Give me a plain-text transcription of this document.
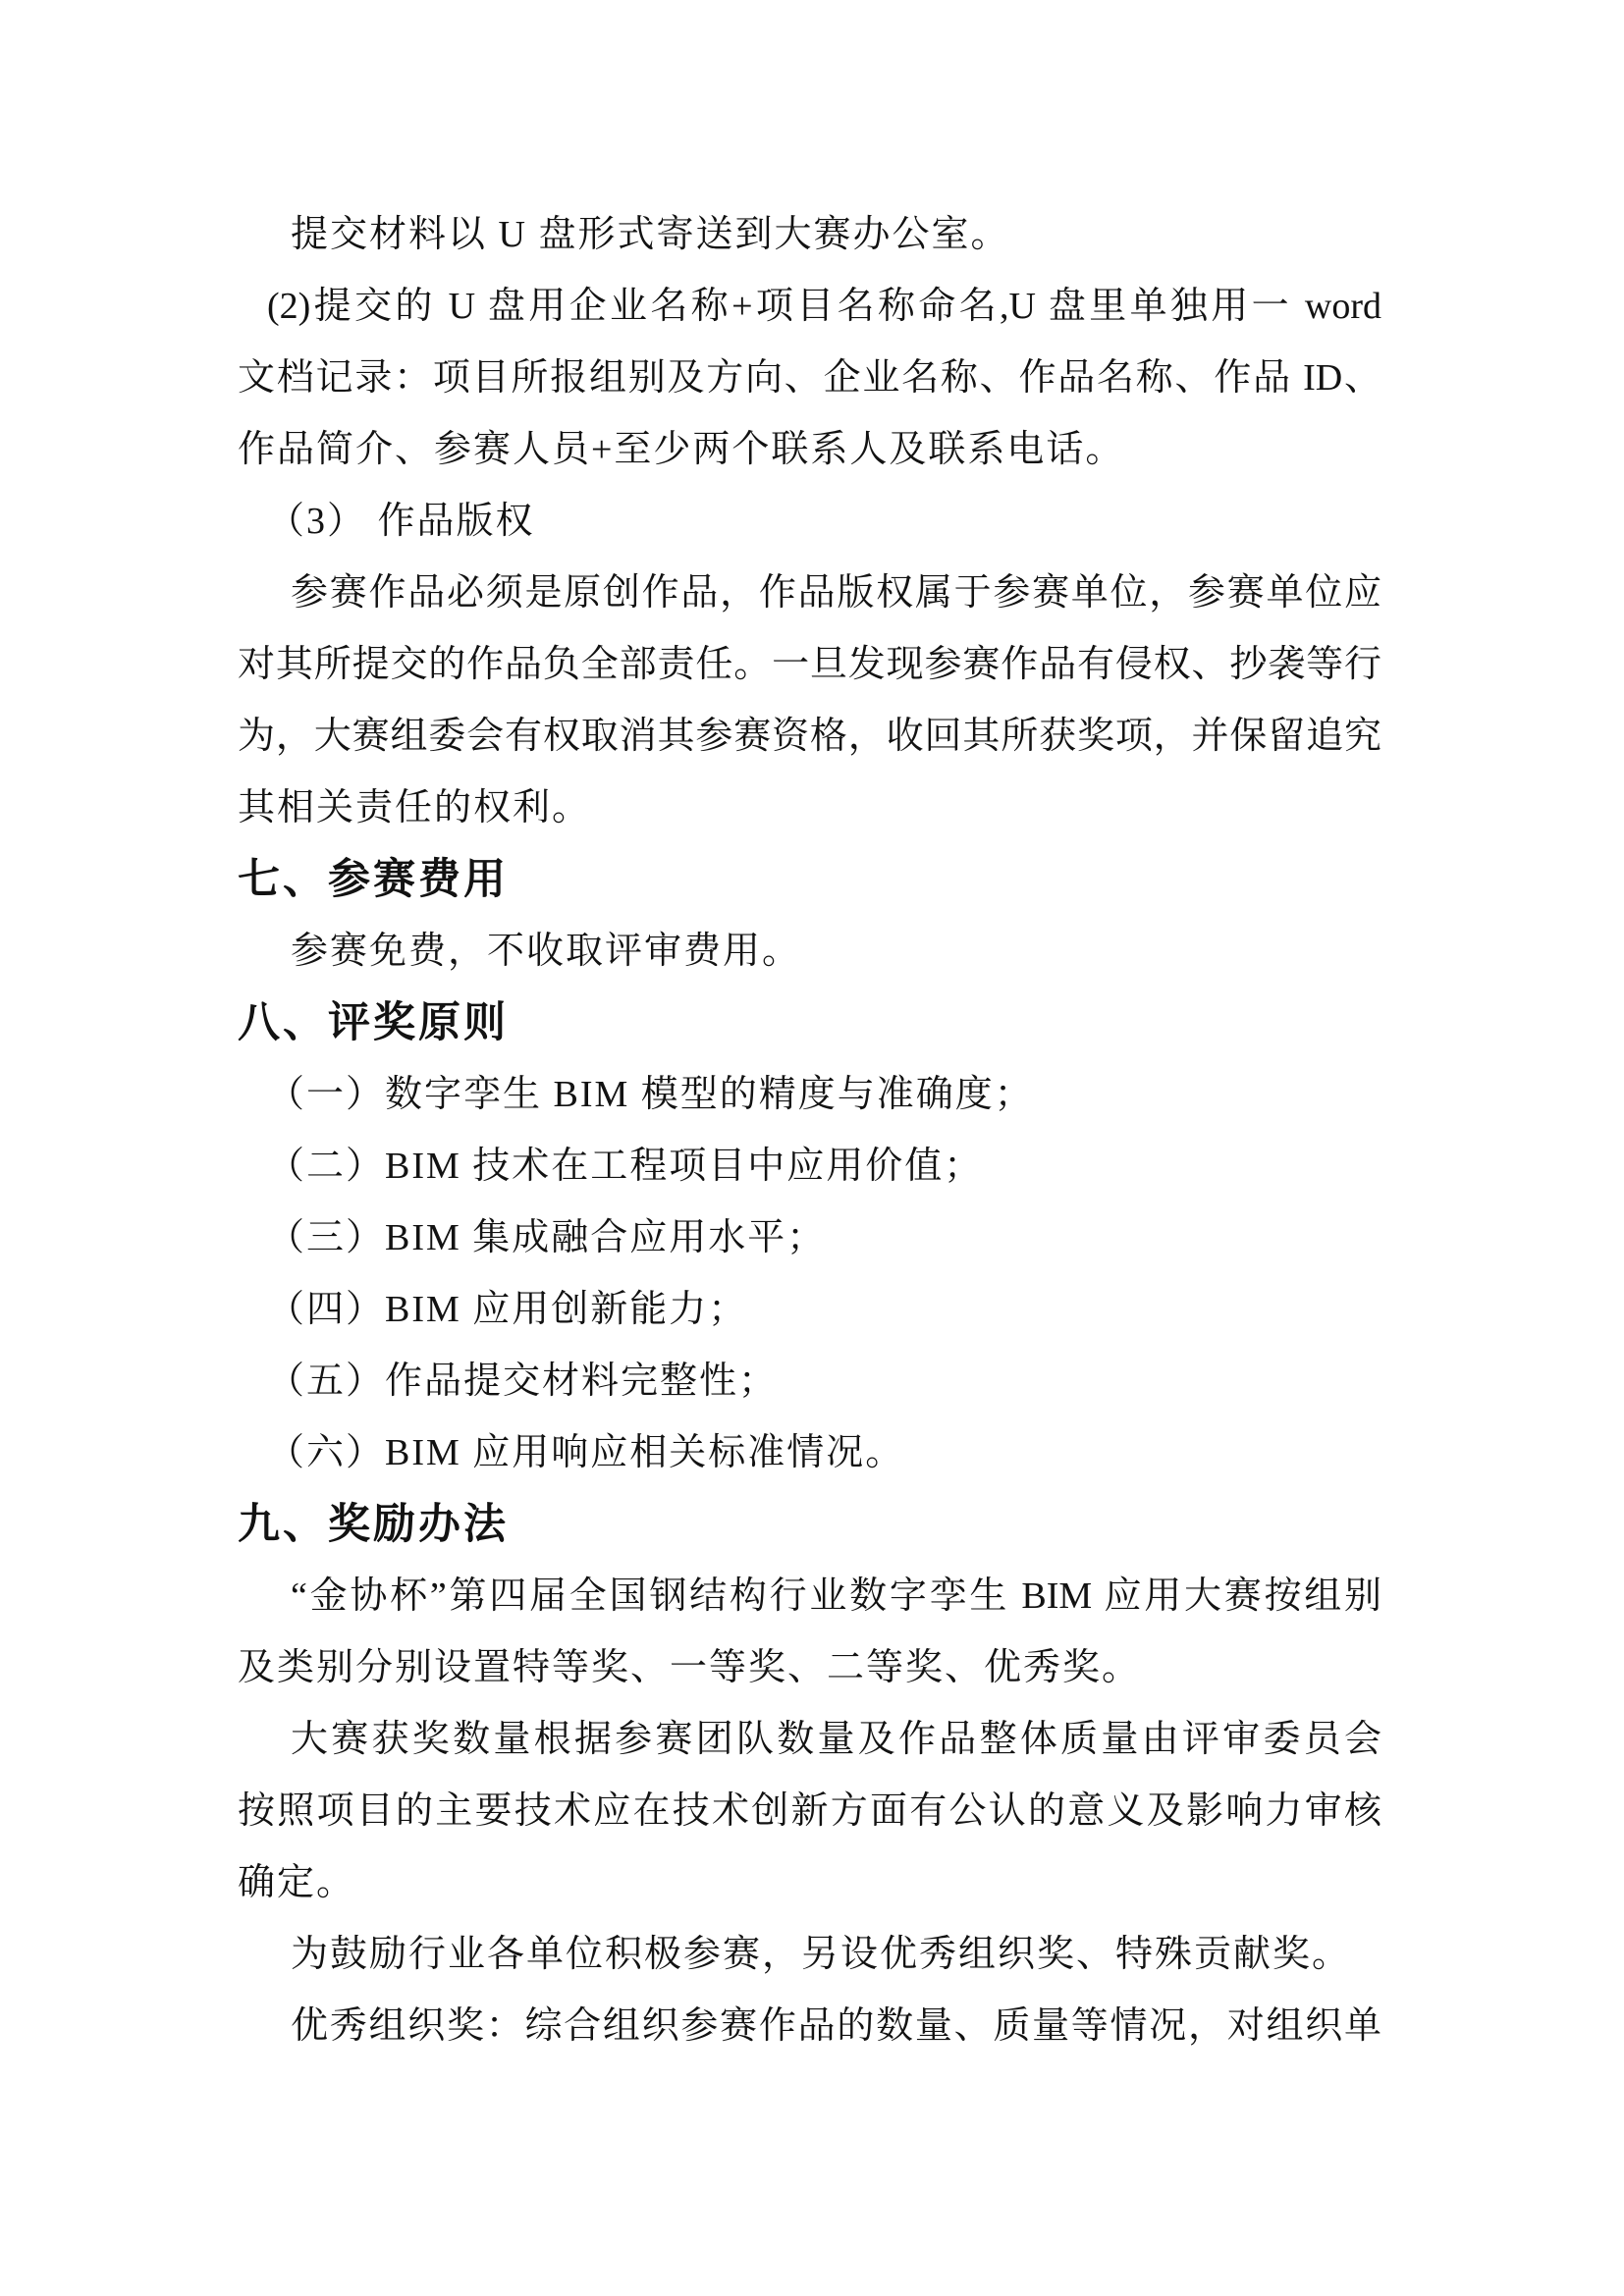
提交材料以 U 盘形式寄送到大赛办公室。
(2)提交的 U 盘用企业名称+项目名称命名,U 盘里单独用一 word
文档记录：项目所报组别及方向、企业名称、作品名称、作品 ID、
作品简介、参赛人员+至少两个联系人及联系电话。
（3） 作品版权
参赛作品必须是原创作品，作品版权属于参赛单位，参赛单位应
对其所提交的作品负全部责任。一旦发现参赛作品有侵权、抄袭等行
为，大赛组委会有权取消其参赛资格，收回其所获奖项，并保留追究
其相关责任的权利。
七、参赛费用
参赛免费，不收取评审费用。
八、评奖原则
（一）数字孪生 BIM 模型的精度与准确度；
（二）BIM 技术在工程项目中应用价值；
（三）BIM 集成融合应用水平；
（四）BIM 应用创新能力；
（五）作品提交材料完整性；
（六）BIM 应用响应相关标准情况。
九、奖励办法
“金协杯”第四届全国钢结构行业数字孪生 BIM 应用大赛按组别
及类别分别设置特等奖、一等奖、二等奖、优秀奖。
大赛获奖数量根据参赛团队数量及作品整体质量由评审委员会
按照项目的主要技术应在技术创新方面有公认的意义及影响力审核
确定。
为鼓励行业各单位积极参赛，另设优秀组织奖、特殊贡献奖。
优秀组织奖：综合组织参赛作品的数量、质量等情况，对组织单
